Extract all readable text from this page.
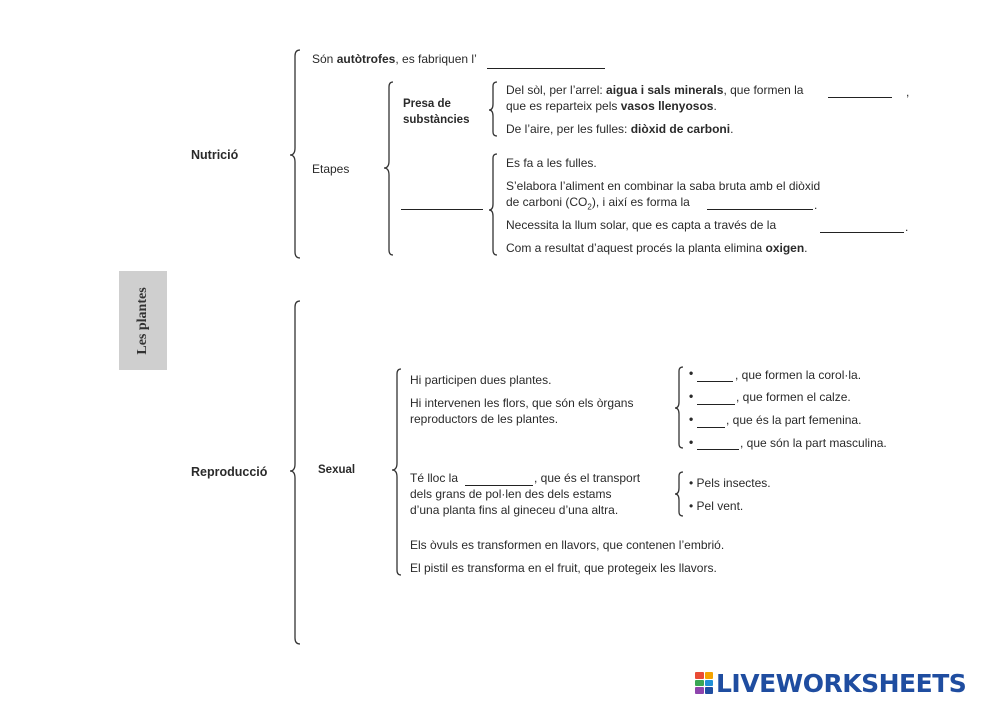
Les plantes
Nutrició
Reproducció
Són autòtrofes, es fabriquen l’
Etapes
Presa de
substàncies
Del sòl, per l’arrel: aigua i sals minerals, que formen la	,
que es reparteix pels vasos llenyosos.
De l’aire, per les fulles: diòxid de carboni.
Es fa a les fulles.
S’elabora l’aliment en combinar la saba bruta amb el diòxid
de carboni $(CO_2)$, i així es forma la	.
Necessita la llum solar, que es capta a través de la	.
Com a resultat d’aquest procés la planta elimina oxigen.
Sexual
Hi participen dues plantes.
Hi intervenen les flors, que són els òrgans
reproductors de les plantes.
•	, que formen la corol·la.
•	, que formen el calze.
•	, que és la part femenina.
•	, que són la part masculina.
Té lloc la	, que és el transport
dels grans de pol·len des dels estams
d’una planta fins al gineceu d’una altra.
• Pels insectes.
• Pel vent.
Els òvuls es transformen en llavors, que contenen l’embrió.
El pistil es transforma en el fruit, que protegeix les llavors.
LIVEWORKSHEETS
